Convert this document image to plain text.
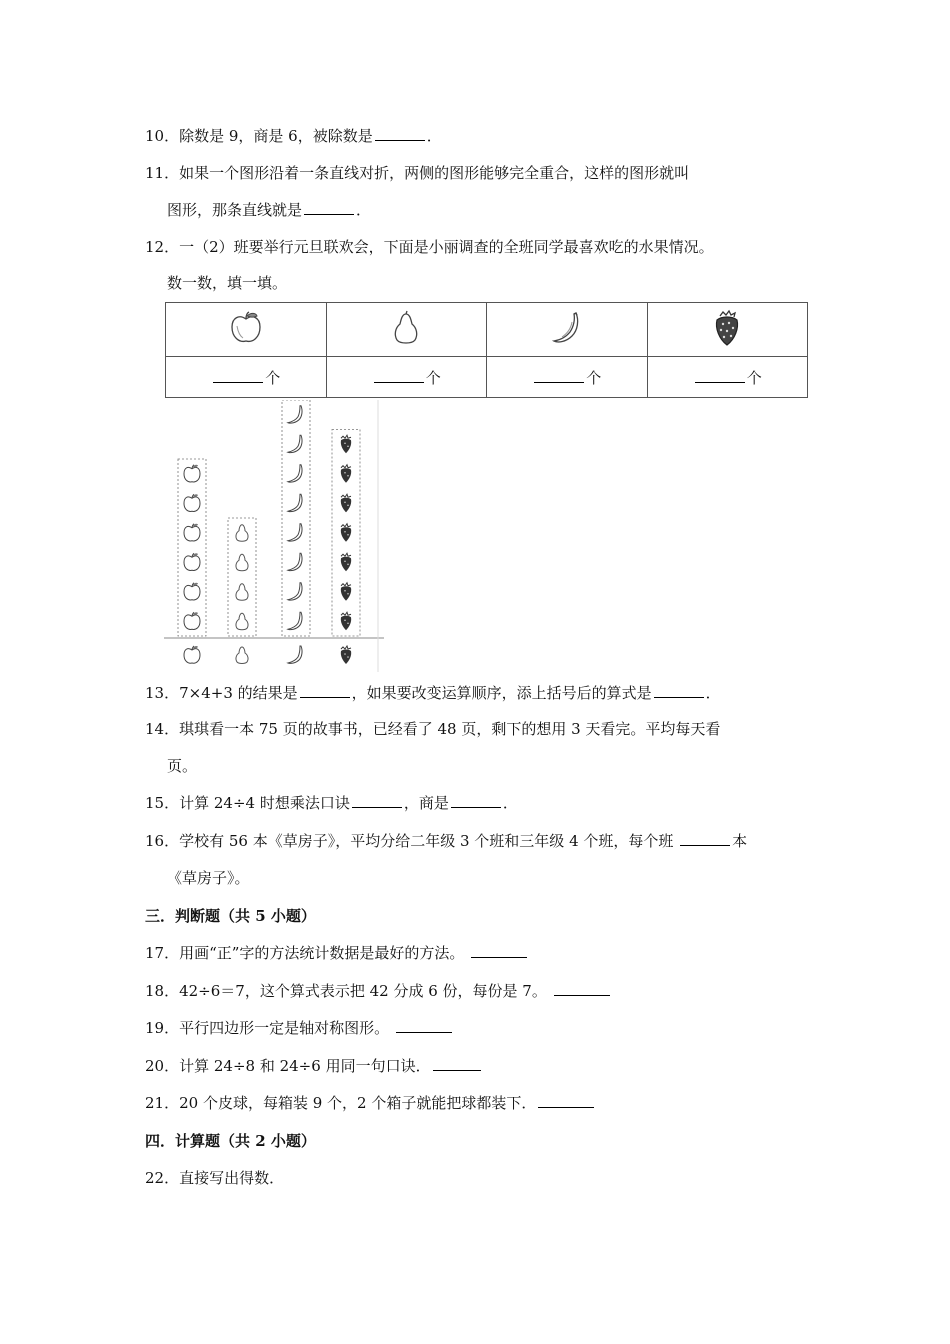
10．除数是 9，商是 6，被除数是	．
11．如果一个图形沿着一条直线对折，两侧的图形能够完全重合，这样的图形就叫
图形，那条直线就是	．
12．一（2）班要举行元旦联欢会，下面是小丽调查的全班同学最喜欢吃的水果情况。
数一数，填一填。

个	个	个	个
13．7×4+3 的结果是	，如果要改变运算顺序，添上括号后的算式是	．
14．琪琪看一本 75 页的故事书，已经看了 48 页，剩下的想用 3 天看完。平均每天看
页。
15．计算 24÷4 时想乘法口诀	，商是	．
16．学校有 56 本《草房子》，平均分给二年级 3 个班和三年级 4 个班，每个班	本
《草房子》。
三．判断题（共 5 小题）
17．用画“正”字的方法统计数据是最好的方法。
18．42÷6＝7，这个算式表示把 42 分成 6 份，每份是 7。
19．平行四边形一定是轴对称图形。
20．计算 24÷8 和 24÷6 用同一句口诀．
21．20 个皮球，每箱装 9 个，2 个箱子就能把球都装下．
四．计算题（共 2 小题）
22．直接写出得数．
